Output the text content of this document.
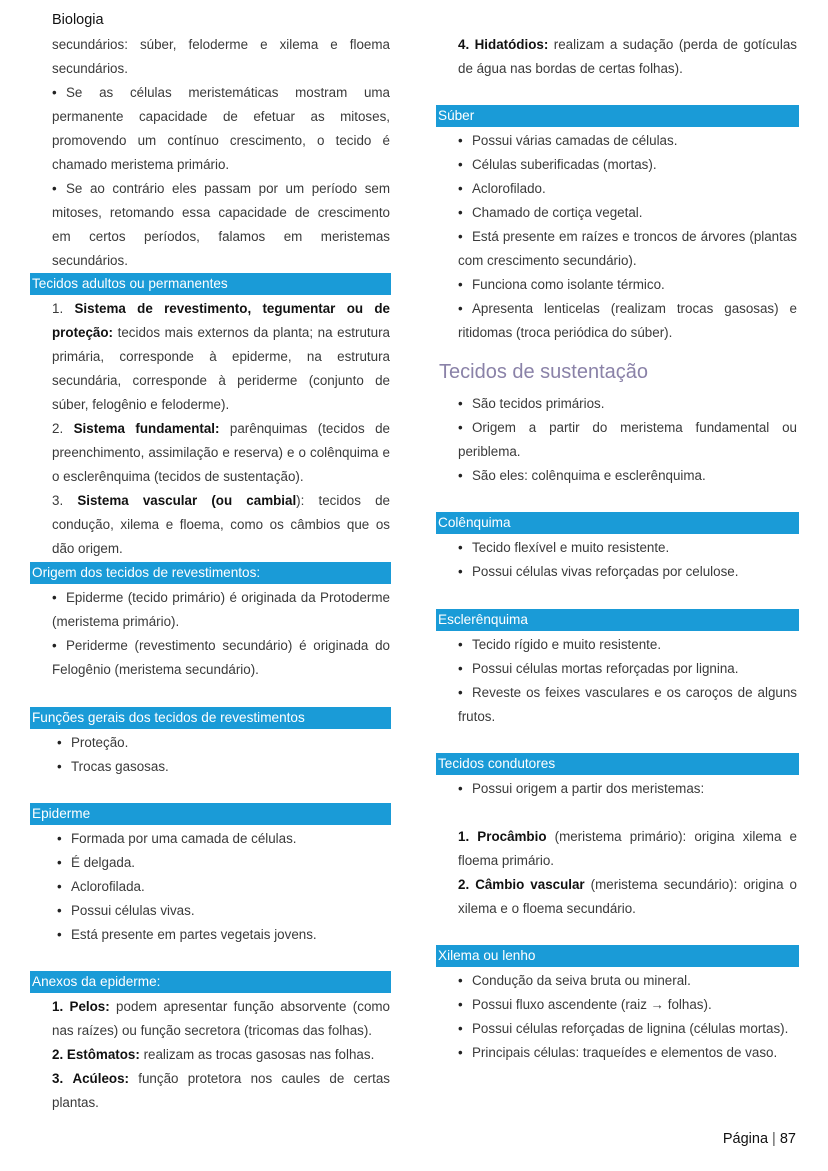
Biologia

secundários: súber, feloderme e xilema e floema secundários.

• Se as células meristemáticas mostram uma permanente capacidade de efetuar as mitoses, promovendo um contínuo crescimento, o tecido é chamado meristema primário.

• Se ao contrário eles passam por um período sem mitoses, retomando essa capacidade de crescimento em certos períodos, falamos em meristemas secundários.

Tecidos adultos ou permanentes

1. Sistema de revestimento, tegumentar ou de proteção: tecidos mais externos da planta; na estrutura primária, corresponde à epiderme, na estrutura secundária, corresponde à periderme (conjunto de súber, felogênio e feloderme).

2. Sistema fundamental: parênquimas (tecidos de preenchimento, assimilação e reserva) e o colênquima e o esclerênquima (tecidos de sustentação).

3. Sistema vascular (ou cambial): tecidos de condução, xilema e floema, como os câmbios que os dão origem.

Origem dos tecidos de revestimentos:

• Epiderme (tecido primário) é originada da Protoderme (meristema primário).

• Periderme (revestimento secundário) é originada do Felogênio (meristema secundário).

Funções gerais dos tecidos de revestimentos
• Proteção.
• Trocas gasosas.
Epiderme
• Formada por uma camada de células.
• É delgada.
• Aclorofilada.
• Possui células vivas.
• Está presente em partes vegetais jovens.
Anexos da epiderme:

1. Pelos: podem apresentar função absorvente (como nas raízes) ou função secretora (tricomas das folhas).

2. Estômatos: realizam as trocas gasosas nas folhas.

3. Acúleos: função protetora nos caules de certas plantas.

4. Hidatódios: realizam a sudação (perda de gotículas de água nas bordas de certas folhas).

Súber
• Possui várias camadas de células.
• Células suberificadas (mortas).
• Aclorofilado.
• Chamado de cortiça vegetal.

• Está presente em raízes e troncos de árvores (plantas com crescimento secundário).

• Funciona como isolante térmico.

• Apresenta lenticelas (realizam trocas gasosas) e ritidomas (troca periódica do súber).

Tecidos de sustentação
• São tecidos primários.

• Origem a partir do meristema fundamental ou periblema.

• São eles: colênquima e esclerênquima.
Colênquima
• Tecido flexível e muito resistente.
• Possui células vivas reforçadas por celulose.
Esclerênquima
• Tecido rígido e muito resistente.
• Possui células mortas reforçadas por lignina.

• Reveste os feixes vasculares e os caroços de alguns frutos.

Tecidos condutores
• Possui origem a partir dos meristemas:

1. Procâmbio (meristema primário): origina xilema e floema primário.

2. Câmbio vascular (meristema secundário): origina o xilema e o floema secundário.

Xilema ou lenho
• Condução da seiva bruta ou mineral.
• Possui fluxo ascendente (raiz → folhas).
• Possui células reforçadas de lignina (células mortas).
• Principais células: traqueídes e elementos de vaso.
Página | 87
